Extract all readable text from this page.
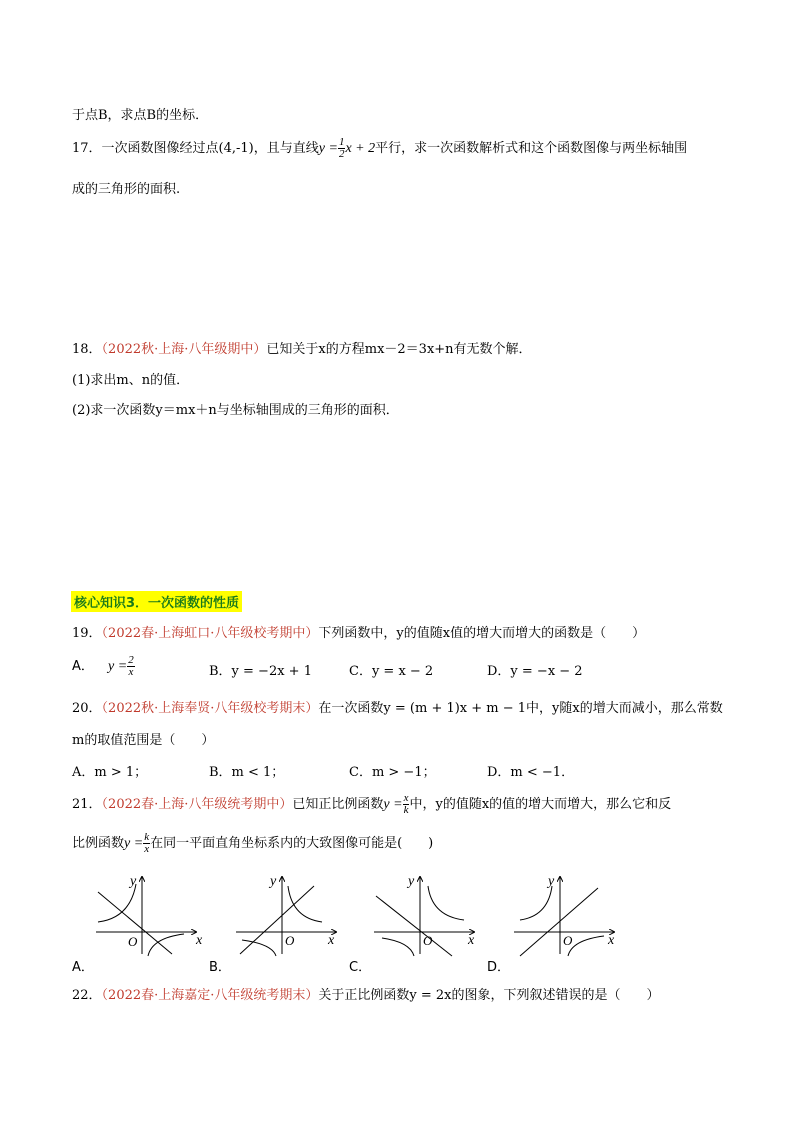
于点B，求点B的坐标．
17．一次函数图像经过点(4,-1)，且与直线$y = \frac{1}{2}$ x + 2平行，求一次函数解析式和这个函数图像与两坐标轴围
成的三角形的面积.
18．（2022秋·上海·八年级期中）已知关于x的方程mx－2＝3x+n有无数个解．
(1)求出m、n的值．
(2)求一次函数y＝mx＋n与坐标轴围成的三角形的面积．
核心知识3．一次函数的性质
19．（2022春·上海虹口·八年级校考期中）下列函数中，y的值随x值的增大而增大的函数是（　　）
A． $y = \frac{2}{x}$	B．y = −2x + 1	C．y = x − 2	D．y = −x − 2
20．（2022秋·上海奉贤·八年级校考期末）在一次函数y = (m + 1)x + m − 1中，y随x的增大而减小，那么常数
m的取值范围是（　　）
A．m > 1；	B．m < 1；	C．m > −1；	D．m < −1．
21．（2022春·上海·八年级统考期中）已知正比例函数$y = \frac{x}{k}$ 中，y的值随x的值的增大而增大，那么它和反
比例函数$y = \frac{k}{x}$ 在同一平面直角坐标系内的大致图像可能是(　　)
x
y
O
A．
x
y
O
B．
x
y
O
C．
x
y
O
D．
22．（2022春·上海嘉定·八年级统考期末）关于正比例函数y = 2x的图象，下列叙述错误的是（　　）
